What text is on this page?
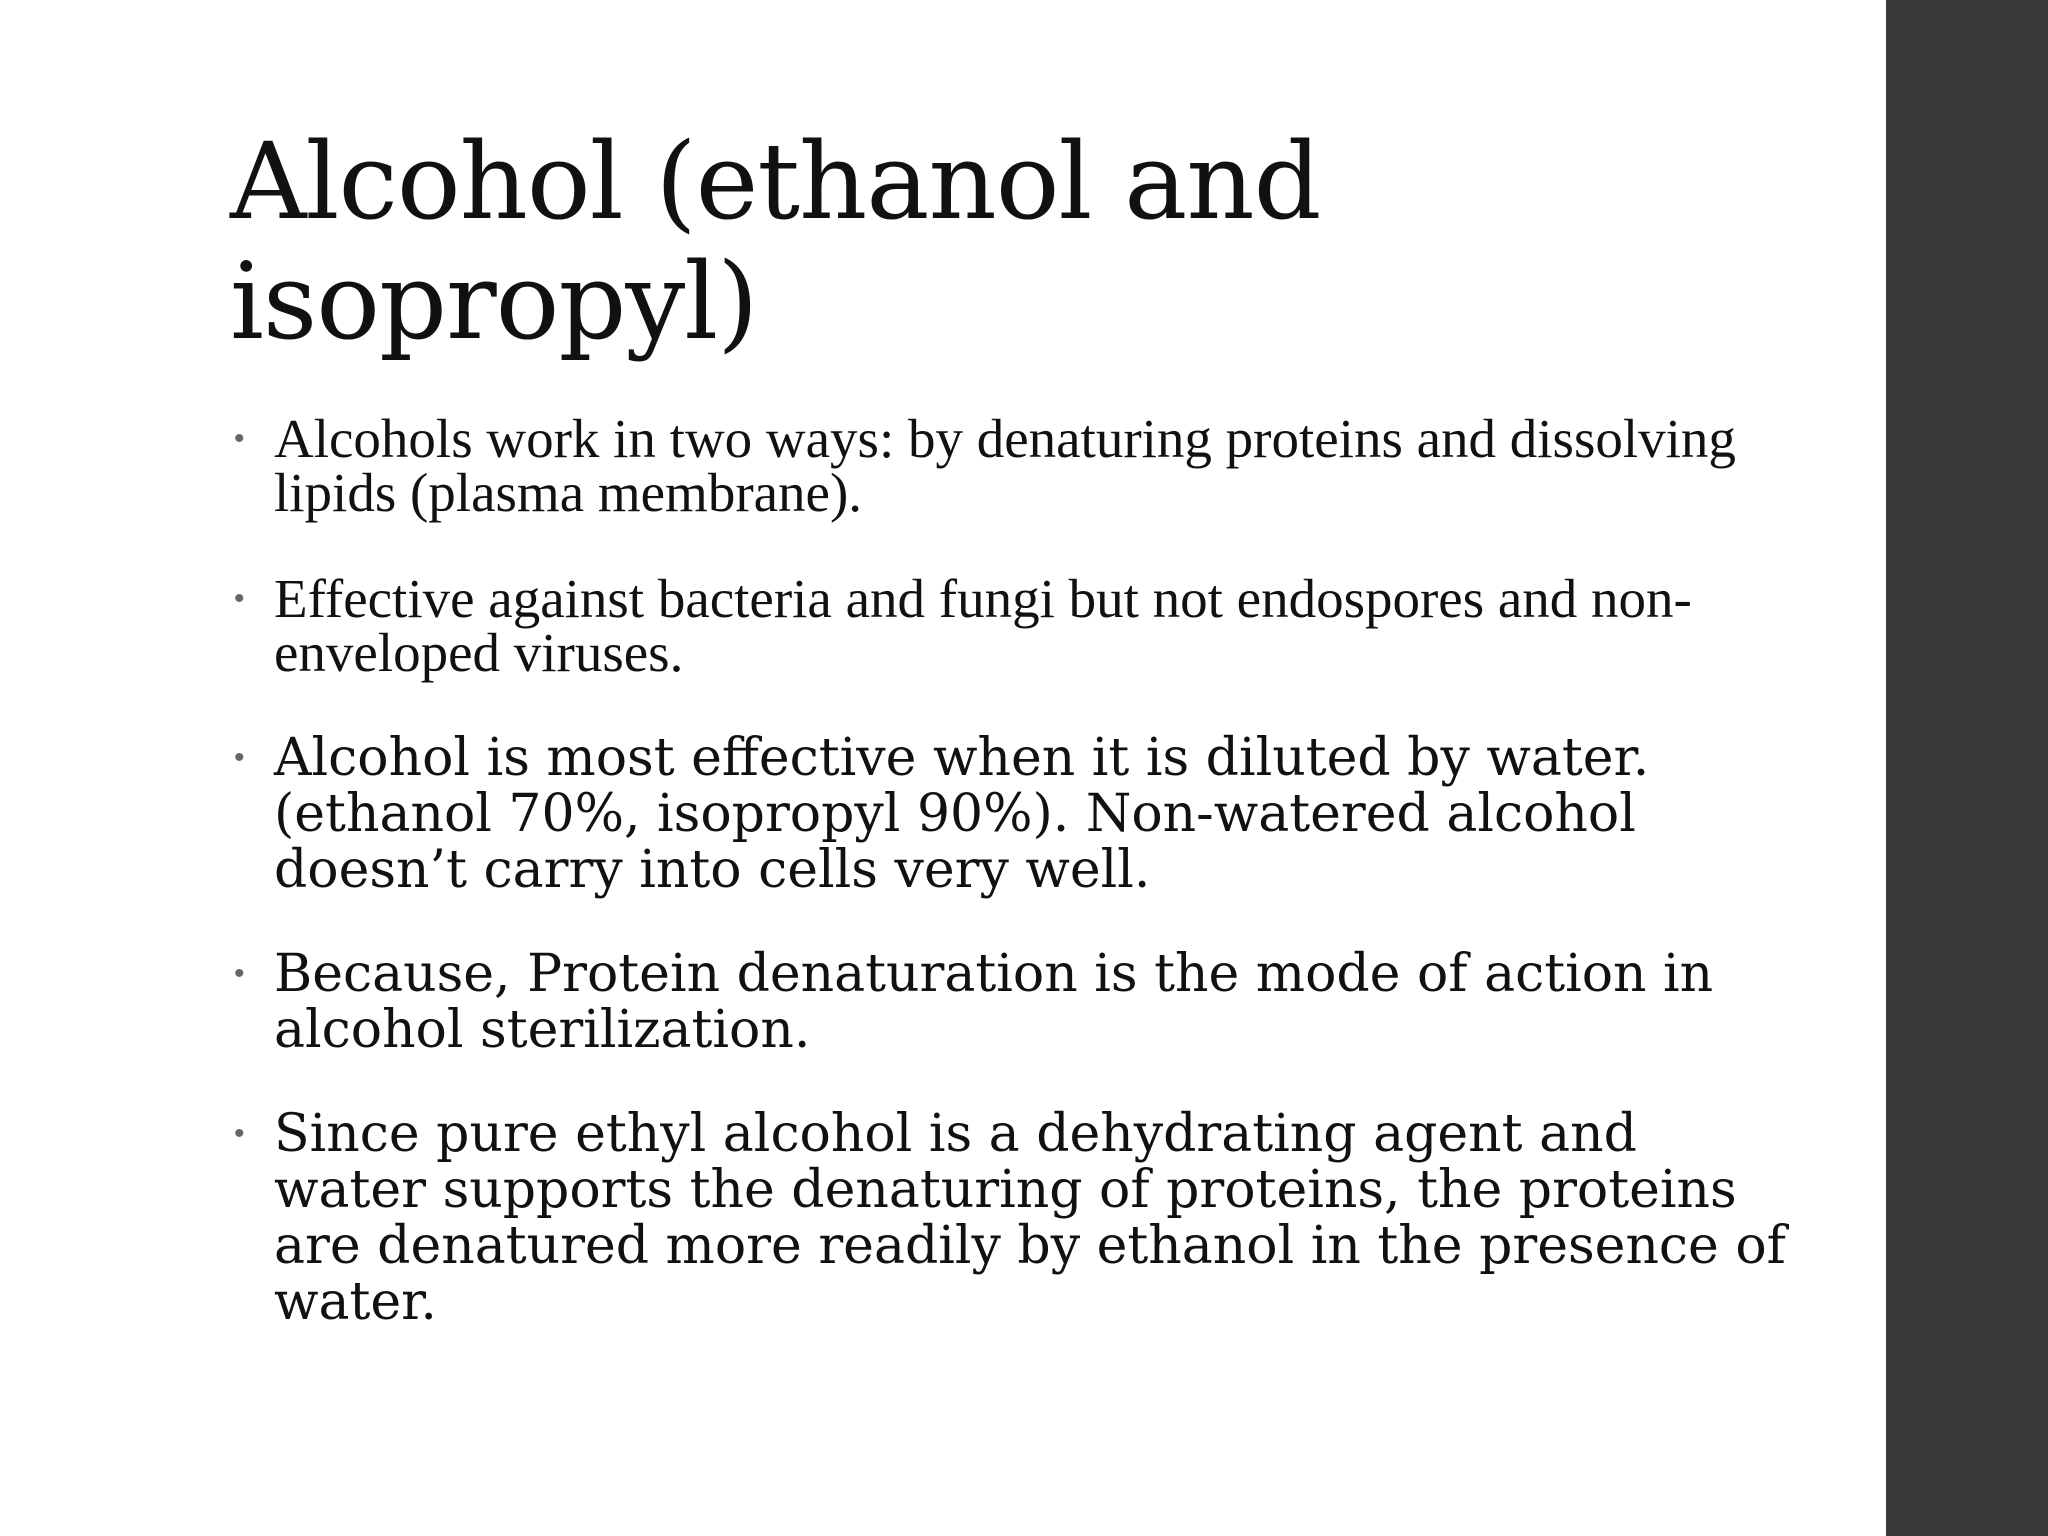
Alcohol (ethanol and isopropyl)
• Alcohols work in two ways: by denaturing proteins and dissolving lipids (plasma membrane).
• Effective against bacteria and fungi but not endospores and non-enveloped viruses.
• Alcohol is most effective when it is diluted by water. (ethanol 70%, isopropyl 90%). Non-watered alcohol doesn’t carry into cells very well.
• Because, Protein denaturation is the mode of action in alcohol sterilization.
• Since pure ethyl alcohol is a dehydrating agent and water supports the denaturing of proteins, the proteins are denatured more readily by ethanol in the presence of water.
